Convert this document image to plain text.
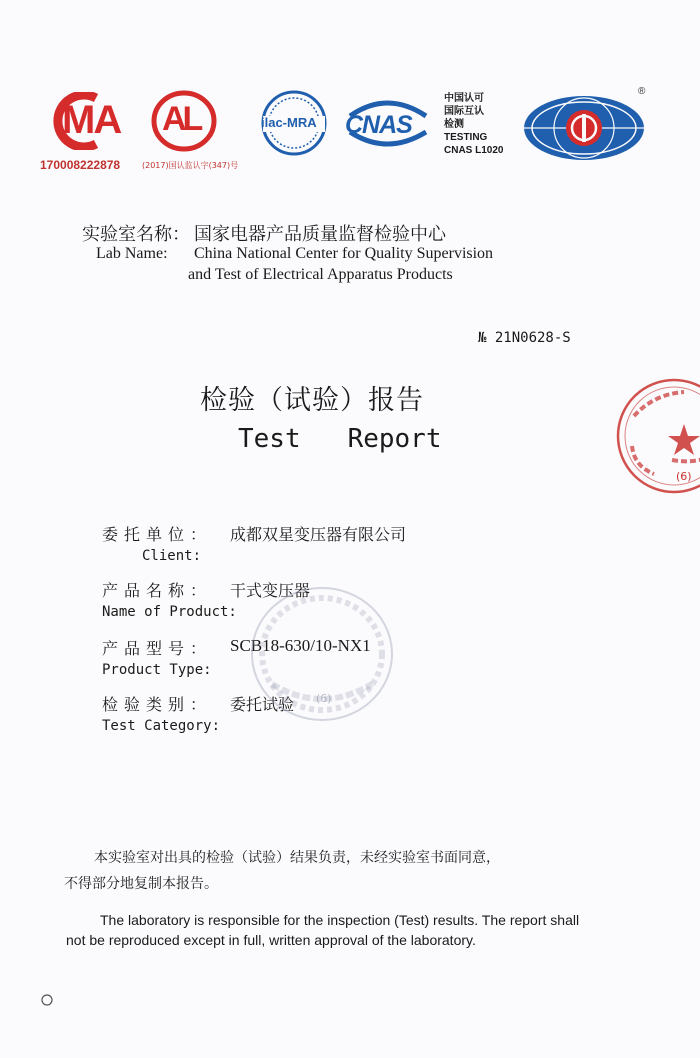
MA AL
170008222878	(2017)国认监认字(347)号
ilac-MRA CNAS
中国认可
国际互认
检测
TESTING
CNAS L1020
®
实验室名称： 国家电器产品质量监督检验中心
Lab Name: China National Center for Quality Supervision
and Test of Electrical Apparatus Products
№ 21N0628-S
检验（试验）报告
Test   Report
(6)
委托单位：
Client:
成都双星变压器有限公司
产品名称：
Name of Product:
干式变压器
产品型号：
Product Type:
SCB18-630/10-NX1
检验类别：
Test Category:
委托试验 (6)
本实验室对出具的检验（试验）结果负责，未经实验室书面同意，
不得部分地复制本报告。
The laboratory is responsible for the inspection (Test) results. The report shall
not be reproduced except in full, written approval of the laboratory.
